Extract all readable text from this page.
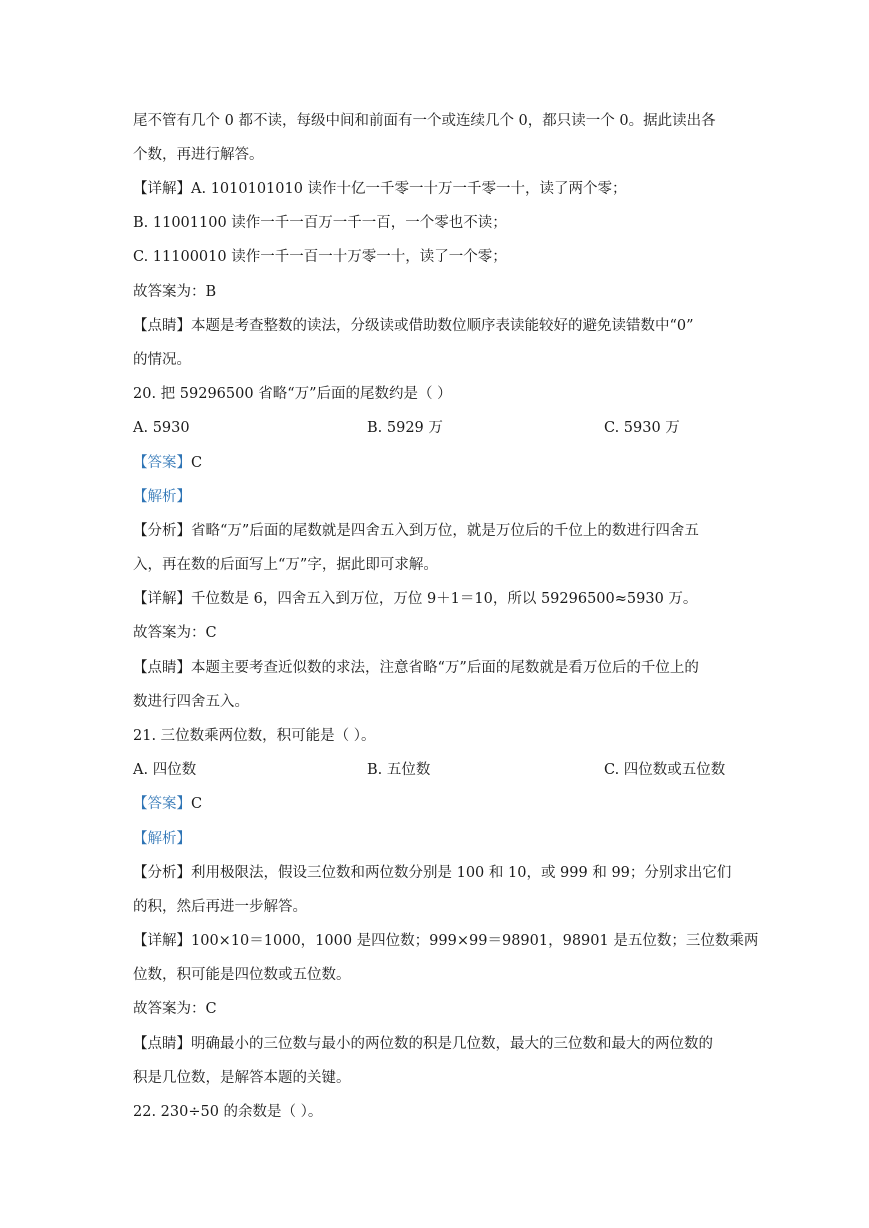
尾不管有几个 0 都不读，每级中间和前面有一个或连续几个 0，都只读一个 0。据此读出各
个数，再进行解答。
【详解】A. 1010101010 读作十亿一千零一十万一千零一十，读了两个零；
B. 11001100 读作一千一百万一千一百，一个零也不读；
C. 11100010 读作一千一百一十万零一十，读了一个零；
故答案为：B
【点睛】本题是考查整数的读法，分级读或借助数位顺序表读能较好的避免读错数中“0”
的情况。
20. 把 59296500 省略“万”后面的尾数约是（ ）
A. 5930	B. 5929 万	C. 5930 万
【答案】C
【解析】
【分析】省略“万”后面的尾数就是四舍五入到万位，就是万位后的千位上的数进行四舍五
入，再在数的后面写上“万”字，据此即可求解。
【详解】千位数是 6，四舍五入到万位，万位 9＋1＝10，所以 59296500≈5930 万。
故答案为：C
【点睛】本题主要考查近似数的求法，注意省略“万”后面的尾数就是看万位后的千位上的
数进行四舍五入。
21. 三位数乘两位数，积可能是（ ）。
A. 四位数	B. 五位数	C. 四位数或五位数
【答案】C
【解析】
【分析】利用极限法，假设三位数和两位数分别是 100 和 10，或 999 和 99；分别求出它们
的积，然后再进一步解答。
【详解】100×10＝1000，1000 是四位数；999×99＝98901，98901 是五位数；三位数乘两
位数，积可能是四位数或五位数。
故答案为：C
【点睛】明确最小的三位数与最小的两位数的积是几位数，最大的三位数和最大的两位数的
积是几位数，是解答本题的关键。
22. 230÷50 的余数是（ ）。
